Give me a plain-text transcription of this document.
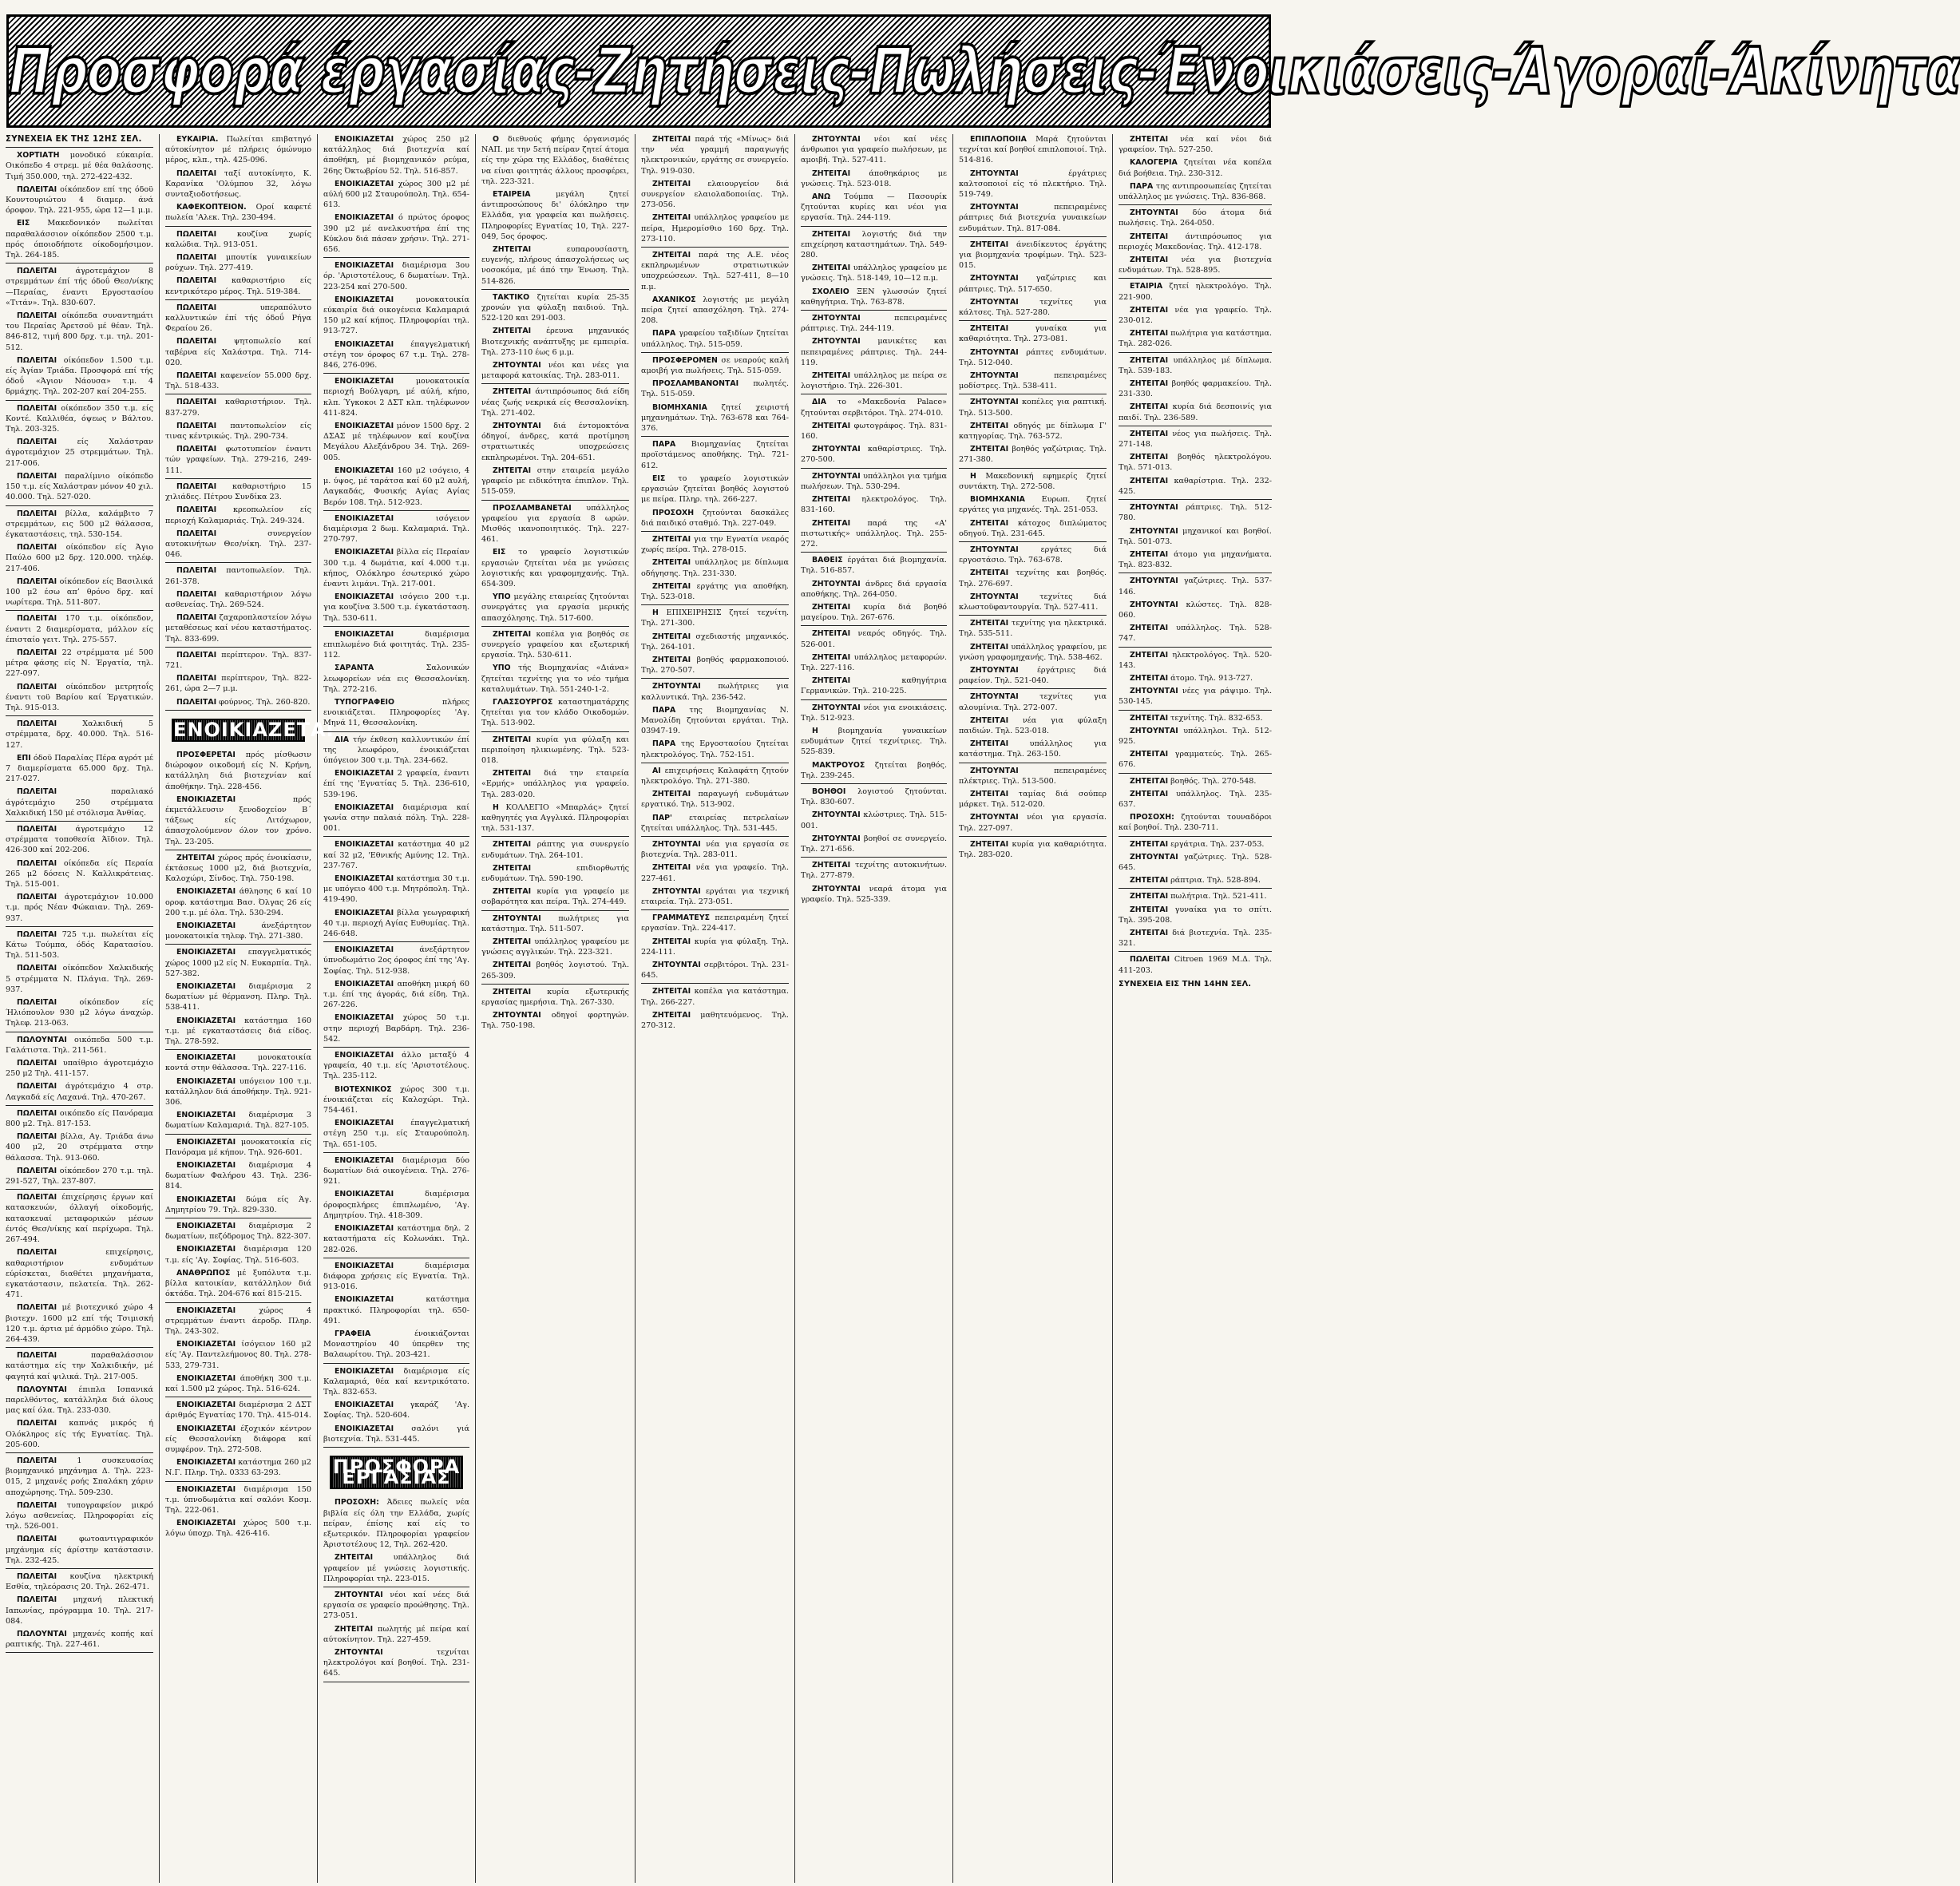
Προσφορά έργασίας-Ζητήσεις-Πωλήσεις-Ένοικιάσεις-Άγοραί-Άκίνητα
ΣΥΝΕΧΕΙΑ ΕΚ ΤΗΣ 12ΗΣ ΣΕΛ.
ΧΟΡΤΙΑΤΗ μονοδικό εύκαιρία. Οικόπεδο 4 στρεμ. μέ θέα θαλάσσης. Τιμή 350.000, τηλ. 272-422-432.
ΠΩΛΕΙΤΑΙ οίκόπεδον επί της όδοϋ Κουντουριώτου 4 διαμερ. άνά όροφον. Τηλ. 221-955, ώρα 12—1 μ.μ.
ΕΙΣ Μακεδονικόν πωλείται παραθαλάσσιον οίκόπεδον 2500 τ.μ. πρός όποιοδήποτε οίκοδομήσιμον. Τηλ. 264-185.
ΠΩΛΕΙΤΑΙ άγροτεμάχιον 8 στρεμμάτων έπί τής όδοΰ Θεσ/νίκης—Περαίας, έναντι Εργοστασίου «Τιτάν». Τηλ. 830-607.
ΠΩΛΕΙΤΑΙ οίκόπεδα συναντημάτι του Περαίας Άρετσοϋ μέ θέαν. Τηλ. 846-812, τιμή 800 δρχ. τ.μ. τηλ. 201-512.
ΠΩΛΕΙΤΑΙ οίκόπεδον 1.500 τ.μ. είς Άγίαν Τριάδα. Προσφορά επί τής όδοΰ «Άγιον Νάουσα» τ.μ. 4 δρμάχης. Τηλ. 202-207 καί 204-255.
ΠΩΛΕΙΤΑΙ οίκόπεδον 350 τ.μ. είς Κοντέ. Καλλιθέα, όψεως ν Βάλτου. Τηλ. 203-325.
ΠΩΛΕΙΤΑΙ είς Χαλάστραν άγροτεμάχιον 25 στρεμμάτων. Τηλ. 217-006.
ΠΩΛΕΙΤΑΙ παραλίμνιο οίκόπεδο 150 τ.μ. είς Χαλάστραν μόνον 40 χιλ. 40.000. Τηλ. 527-020.
ΠΩΛΕΙΤΑΙ βίλλα, καλάμβιτο 7 στρεμμάτων, εις 500 μ2 θάλασσα, έγκαταστάσεις, τηλ. 530-154.
ΠΩΛΕΙΤΑΙ οίκόπεδον είς Άγιο Παύλο 600 μ2 δρχ. 120.000. τηλέφ. 217-406.
ΠΩΛΕΙΤΑΙ οίκόπεδον είς Βασιλικά 100 μ2 έσω απ’ θρόνο δρχ. καί νωρίτερα. Τηλ. 511-807.
ΠΩΛΕΙΤΑΙ 170 τ.μ. οίκόπεδον, έναντι 2 διαμερίσματα, μάλλον είς έπισταίο γειτ. Τηλ. 275-557.
ΠΩΛΕΙΤΑΙ 22 στρέμματα μέ 500 μέτρα φάσης είς Ν. Έργατία, τηλ. 227-097.
ΠΩΛΕΙΤΑΙ οίκόπεδον μετρητοΐς έναντι τοϋ Βαρίου καί Έργατικών. Τηλ. 915-013.
ΠΩΛΕΙΤΑΙ Χαλκιδική 5 στρέμματα, δρχ. 40.000. Τηλ. 516-127.
ΕΠΙ όδοϋ Παραλίας Πέρα αγρότ μέ 7 διαμερίσματα 65.000 δρχ. Τηλ. 217-027.
ΠΩΛΕΙΤΑΙ παραλιακό άγρότεμάχιο 250 στρέμματα Χαλκιδική 150 μέ στόλισμα Άνθίας.
ΠΩΛΕΙΤΑΙ άγροτεμάχιο 12 στρέμματα τοποθεσία Άϊδιον. Τηλ. 426-300 καί 202-206.
ΠΩΛΕΙΤΑΙ οίκόπεδα είς Περαία 265 μ2 δόσεις Ν. Καλλικράτειας. Τηλ. 515-001.
ΠΩΛΕΙΤΑΙ άγροτεμάχιον 10.000 τ.μ. πρός Νέαν Φώκαιαν. Τηλ. 269-937.
ΠΩΛΕΙΤΑΙ 725 τ.μ. πωλείται είς Κάτω Τούμπα, όδός Καρατασίου. Τηλ. 511-503.
ΠΩΛΕΙΤΑΙ οίκόπεδον Χαλκιδικής 5 στρέμματα Ν. Πλάγια. Τηλ. 269-937.
ΠΩΛΕΙΤΑΙ οίκόπεδον είς Ήλιόπουλον 930 μ2 λόγω άναχώρ. Τηλεφ. 213-063.
ΠΩΛΟΥΝΤΑΙ οικόπεδα 500 τ.μ. Γαλάτιστα. Τηλ. 211-561.
ΠΩΛΕΙΤΑΙ υπαίθριο άγροτεμάχιο 250 μ2 Τηλ. 411-157.
ΠΩΛΕΙΤΑΙ άγρότεμάχιο 4 στρ. Λαγκαδά είς Λαχανά. Τηλ. 470-267.
ΠΩΛΕΙΤΑΙ οικόπεδο είς Πανόραμα 800 μ2. Τηλ. 817-153.
ΠΩΛΕΙΤΑΙ βίλλα, Αγ. Τριάδα άνω 400 μ2, 20 στρέμματα στην θάλασσα. Τηλ. 913-060.
ΠΩΛΕΙΤΑΙ οίκόπεδον 270 τ.μ. τηλ. 291-527, Τηλ. 237-807.
ΠΩΛΕΙΤΑΙ έπιχείρησις έργων καί κατασκευών, όλλαγή οίκοδομής, κατασκευαί μεταφορικών μέσων έντός Θεσ/νίκης καί περίχωρα. Τηλ. 267-494.
ΠΩΛΕΙΤΑΙ επιχείρησις, καθαριστήριον ενδυμάτων εύρίσκεται, διαθέτει μηχανήματα, εγκατάστασιν, πελατεία. Τηλ. 262-471.
ΠΩΛΕΙΤΑΙ μέ βιοτεχνικό χώρο 4 βιοτεχν. 1600 μ2 επί τής Τσιμισκή 120 τ.μ. άρτια μέ άρμόδιο χώρο. Τηλ. 264-439.
ΠΩΛΕΙΤΑΙ παραθαλάσσιον κατάστημα είς την Χαλκιδικήν, μέ φαγητά καί ψιλικά. Τηλ. 217-005.
ΠΩΛΟΥΝΤΑΙ έπιπλα Ισπανικά παρελθόντος, κατάλληλα διά όλους μας καί όλα. Τηλ. 233-030.
ΠΩΛΕΙΤΑΙ καπνάς μικρός ή Ολόκληρος είς τής Εγνατίας. Τηλ. 205-600.
ΠΩΛΕΙΤΑΙ 1 συσκευασίας βιομηχανικό μηχάνημα Δ. Τηλ. 223-015, 2 μηχανές ροής Σπαλάκη χάριν αποχώρησης. Τηλ. 509-230.
ΠΩΛΕΙΤΑΙ τυπογραφείον μικρό λόγω ασθενείας. Πληροφορίαι είς τηλ. 526-001.
ΠΩΛΕΙΤΑΙ φωτοαντιγραφικόν μηχάνημα είς άρίστην κατάστασιν. Τηλ. 232-425.
ΠΩΛΕΙΤΑΙ κουζίνα ηλεκτρική Εσθία, τηλεόρασις 20. Τηλ. 262-471.
ΠΩΛΕΙΤΑΙ μηχανή πλεκτική Ιαπωνίας, πρόγραμμα 10. Τηλ. 217-084.
ΠΩΛΟΥΝΤΑΙ μηχανές κοπής καί ραπτικής. Τηλ. 227-461.
ΕΥΚΑΙΡΙΑ. Πωλείται επιβατηγό αύτοκίνητον μέ πλήρεις όμώνυμο μέρος, κλπ., τηλ. 425-096.
ΠΩΛΕΙΤΑΙ ταξί αυτοκίνητο, Κ. Καρανίκα 'Ολύμπου 32, λόγω συνταξιοδοτήσεως.
ΚΑΦΕΚΟΠΤΕΙΟΝ. Οροί καφετέ πωλεία 'Αλεκ. Τηλ. 230-494.
ΠΩΛΕΙΤΑΙ κουζίνα χωρίς καλώδια. Τηλ. 913-051.
ΠΩΛΕΙΤΑΙ μπουτίκ γυναικείων ρούχων. Τηλ. 277-419.
ΠΩΛΕΙΤΑΙ καθαριστήριο είς κεντρικότερο μέρος. Τηλ. 519-384.
ΠΩΛΕΙΤΑΙ υπεραπόλυτο καλλυντικών έπί τής όδοΰ Ρήγα Φεραίου 26.
ΠΩΛΕΙΤΑΙ ψητοπωλείο καί ταβέρνα είς Χαλάστρα. Τηλ. 714-020.
ΠΩΛΕΙΤΑΙ καφενείον 55.000 δρχ. Τηλ. 518-433.
ΠΩΛΕΙΤΑΙ καθαριστήριον. Τηλ. 837-279.
ΠΩΛΕΙΤΑΙ παντοπωλείον είς τινας κέντρικώς. Τηλ. 290-734.
ΠΩΛΕΙΤΑΙ φωτοτυπείον έναντι τών γραφείων. Τηλ. 279-216, 249-111.
ΠΩΛΕΙΤΑΙ καθαριστήριο 15 χιλιάδες. Πέτρου Συνδίκα 23.
ΠΩΛΕΙΤΑΙ κρεοπωλείον είς περιοχή Καλαμαριάς. Τηλ. 249-324.
ΠΩΛΕΙΤΑΙ συνεργείον αυτοκινήτων Θεσ/νίκη. Τηλ. 237-046.
ΠΩΛΕΙΤΑΙ παντοπωλείον. Τηλ. 261-378.
ΠΩΛΕΙΤΑΙ καθαριστήριον λόγω ασθενείας. Τηλ. 269-524.
ΠΩΛΕΙΤΑΙ ζαχαροπλαστείον λόγω μεταθέσεως καί νέου καταστήματος. Τηλ. 833-699.
ΠΩΛΕΙΤΑΙ περίπτερον. Τηλ. 837-721.
ΠΩΛΕΙΤΑΙ περίπτερον, Τηλ. 822-261, ώρα 2—7 μ.μ.
ΠΩΛΕΙΤΑΙ φούρνος. Τηλ. 260-820.
ΕΝΟΙΚΙΑΖΕΤΑΙ
ΠΡΟΣΦΕΡΕΤΑΙ πρός μίσθωσιν διώροφον οικοδομή είς Ν. Κρήνη, κατάλληλη διά βιοτεχνίαν καί άποθήκην. Τηλ. 228-456.
ΕΝΟΙΚΙΑΖΕΤΑΙ πρός έκμετάλλευσιν ξενοδοχείον Β΄ τάξεως είς Λιτόχωρον, άπασχολούμενον όλον τον χρόνο. Τηλ. 23-205.
ΖΗΤΕΙΤΑΙ χώρος πρός ένοικίασιν, έκτάσεως 1000 μ2, διά βιοτεχνία, Καλοχώρι, Σίνδος. Τηλ. 750-198.
ΕΝΟΙΚΙΑΖΕΤΑΙ άθλησης 6 καί 10 οροφ. κατάστημα Βασ. Όλγας 26 είς 200 τ.μ. μέ όλα. Τηλ. 530-294.
ΕΝΟΙΚΙΑΖΕΤΑΙ άνεξάρτητον μονοκατοικία τηλεφ. Τηλ. 271-380.
ΕΝΟΙΚΙΑΖΕΤΑΙ επαγγελματικός χώρος 1000 μ2 είς Ν. Ευκαρπία. Τηλ. 527-382.
ΕΝΟΙΚΙΑΖΕΤΑΙ διαμέρισμα 2 δωματίων μέ θέρμανση. Πληρ. Τηλ. 538-411.
ΕΝΟΙΚΙΑΖΕΤΑΙ κατάστημα 160 τ.μ. μέ εγκαταστάσεις διά είδος. Τηλ. 278-592.
ΕΝΟΙΚΙΑΖΕΤΑΙ μονοκατοικία κοντά στην θάλασσα. Τηλ. 227-116.
ΕΝΟΙΚΙΑΖΕΤΑΙ υπόγειον 100 τ.μ. κατάλληλον διά άποθήκην. Τηλ. 921-306.
ΕΝΟΙΚΙΑΖΕΤΑΙ διαμέρισμα 3 δωματίων Καλαμαριά. Τηλ. 827-105.
ΕΝΟΙΚΙΑΖΕΤΑΙ μονοκατοικία είς Πανόραμα μέ κήπον. Τηλ. 926-601.
ΕΝΟΙΚΙΑΖΕΤΑΙ διαμέρισμα 4 δωματίων Φαλήρου 43. Τηλ. 236-814.
ΕΝΟΙΚΙΑΖΕΤΑΙ δώμα είς Άγ. Δημητρίου 79. Τηλ. 829-330.
ΕΝΟΙΚΙΑΖΕΤΑΙ διαμέρισμα 2 δωματίων, πεζόδρομος Τηλ. 822-307.
ΕΝΟΙΚΙΑΖΕΤΑΙ διαμέρισμα 120 τ.μ. είς 'Αγ. Σοφίας. Τηλ. 516-603.
ΑΝΑΘΡΩΠΟΣ μέ ξυπόλυτα τ.μ. βίλλα κατοικίαν, κατάλληλον διά όκτάδα. Τηλ. 204-676 καί 815-215.
ΕΝΟΙΚΙΑΖΕΤΑΙ χώρος 4 στρεμμάτων έναντι άεροδρ. Πληρ. Τηλ. 243-302.
ΕΝΟΙΚΙΑΖΕΤΑΙ ίσόγειον 160 μ2 είς 'Αγ. Παντελεήμονος 80. Τηλ. 278-533, 279-731.
ΕΝΟΙΚΙΑΖΕΤΑΙ άποθήκη 300 τ.μ. καί 1.500 μ2 χώρος. Τηλ. 516-624.
ΕΝΟΙΚΙΑΖΕΤΑΙ διαμέρισμα 2 ΔΣΤ άριθμός Εγνατίας 170. Τηλ. 415-014.
ΕΝΟΙΚΙΑΖΕΤΑΙ έξοχικόν κέντρον είς Θεσσαλονίκη διάφορα καί συμφέρον. Τηλ. 272-508.
ΕΝΟΙΚΙΑΖΕΤΑΙ κατάστημα 260 μ2 Ν.Γ. Πληρ. Τηλ. 0333 63-293.
ΕΝΟΙΚΙΑΖΕΤΑΙ διαμέρισμα 150 τ.μ. ύπνοδωμάτια καί σαλόνι Κοσμ. Τηλ. 222-061.
ΕΝΟΙΚΙΑΖΕΤΑΙ χώρος 500 τ.μ. λόγω ύποχρ. Τηλ. 426-416.
ΕΝΟΙΚΙΑΖΕΤΑΙ χώρος 250 μ2 κατάλληλος διά βιοτεχνία καί άποθήκη, μέ βιομηχανικόν ρεύμα, 26ης Όκτωβρίου 52. Τηλ. 516-857.
ΕΝΟΙΚΙΑΖΕΤΑΙ χώρος 300 μ2 μέ αύλή 600 μ2 Σταυρούπολη. Τηλ. 654-613.
ΕΝΟΙΚΙΑΖΕΤΑΙ ό πρώτος όροφος 390 μ2 μέ ανελκυστήρα έπί της Κύκλου διά πάσαν χρήσιν. Τηλ. 271-656.
ΕΝΟΙΚΙΑΖΕΤΑΙ διαμέρισμα 3ου όρ. 'Αριστοτέλους, 6 δωματίων. Τηλ. 223-254 καί 270-500.
ΕΝΟΙΚΙΑΖΕΤΑΙ μονοκατοικία εύκαιρία διά οικογένεια Καλαμαριά 150 μ2 καί κήπος. Πληροφορίαι τηλ. 913-727.
ΕΝΟΙΚΙΑΖΕΤΑΙ έπαγγελματική στέγη τον όροφος 67 τ.μ. Τηλ. 278-846, 276-096.
ΕΝΟΙΚΙΑΖΕΤΑΙ μονοκατοικία περιοχή Βούλγαρη, μέ αύλή, κήπο, κλπ. Ύγκοκοι 2 ΔΣΤ κλπ. τηλέφωνον 411-824.
ΕΝΟΙΚΙΑΖΕΤΑΙ μόνον 1500 δρχ. 2 ΔΣΑΣ μέ τηλέφωνον καί κουζίνα Μεγάλου Αλεξάνδρου 34. Τηλ. 269-005.
ΕΝΟΙΚΙΑΖΕΤΑΙ 160 μ2 ισόγειο, 4 μ. ύψος, μέ ταράτσα καί 60 μ2 αυλή, Λαγκαδάς, Φυσικής Αγίας Αγίας Βερόν 108. Τηλ. 512-923.
ΕΝΟΙΚΙΑΖΕΤΑΙ ισόγειον διαμέρισμα 2 δωμ. Καλαμαριά. Τηλ. 270-797.
ΕΝΟΙΚΙΑΖΕΤΑΙ βίλλα είς Περαίαν 300 τ.μ. 4 δωμάτια, καί 4.000 τ.μ. κήπος, Ολόκληρο έσωτερικό χώρο έναντι λιμάνι. Τηλ. 217-001.
ΕΝΟΙΚΙΑΖΕΤΑΙ ισόγειο 200 τ.μ. για κουζίνα 3.500 τ.μ. έγκατάσταση. Τηλ. 530-611.
ΕΝΟΙΚΙΑΖΕΤΑΙ διαμέρισμα επιπλωμένο διά φοιτητάς. Τηλ. 235-112.
ΣΑΡΑΝΤΑ Σαλονικών λεωφορείων νέα εις Θεσσαλονίκη. Τηλ. 272-216.
ΤΥΠΟΓΡΑΦΕΙΟ πλήρες ενοικιάζεται. Πληροφορίες 'Αγ. Μηνά 11, Θεσσαλονίκη.
ΔΙΑ τήν έκθεση καλλυντικών έπί της λεωφόρου, ένοικιάζεται ύπόγειον 300 τ.μ. Τηλ. 234-662.
ΕΝΟΙΚΙΑΖΕΤΑΙ 2 γραφεία, έναντι έπί της 'Εγνατίας 5. Τηλ. 236-610, 539-196.
ΕΝΟΙΚΙΑΖΕΤΑΙ διαμέρισμα καί γωνία στην παλαιά πόλη. Τηλ. 228-001.
ΕΝΟΙΚΙΑΖΕΤΑΙ κατάστημα 40 μ2 καί 32 μ2, 'Εθνικής Αμύνης 12. Τηλ. 237-767.
ΕΝΟΙΚΙΑΖΕΤΑΙ κατάστημα 30 τ.μ. με υπόγειο 400 τ.μ. Μητρόπολη. Τηλ. 419-490.
ΕΝΟΙΚΙΑΖΕΤΑΙ βίλλα γεωγραφική 40 τ.μ. περιοχή Αγίας Ευθυμίας. Τηλ. 246-648.
ΕΝΟΙΚΙΑΖΕΤΑΙ άνεξάρτητον ύπνοδωμάτιο 2ος όροφος έπί της 'Αγ. Σοφίας. Τηλ. 512-938.
ΕΝΟΙΚΙΑΖΕΤΑΙ αποθήκη μικρή 60 τ.μ. έπί της άγοράς, διά είδη. Τηλ. 267-226.
ΕΝΟΙΚΙΑΖΕΤΑΙ χώρος 50 τ.μ. στην περιοχή Βαρδάρη. Τηλ. 236-542.
ΕΝΟΙΚΙΑΖΕΤΑΙ άλλο μεταξύ 4 γραφεία, 40 τ.μ. είς 'Αριστοτέλους. Τηλ. 235-112.
ΒΙΟΤΕΧΝΙΚΟΣ χώρος 300 τ.μ. ένοικιάζεται είς Καλοχώρι. Τηλ. 754-461.
ΕΝΟΙΚΙΑΖΕΤΑΙ έπαγγελματική στέγη 250 τ.μ. είς Σταυρούπολη. Τηλ. 651-105.
ΕΝΟΙΚΙΑΖΕΤΑΙ διαμέρισμα δύο δωματίων διά οικογένεια. Τηλ. 276-921.
ΕΝΟΙΚΙΑΖΕΤΑΙ διαμέρισμα όροφοςπλήρες έπιπλωμένο, 'Αγ. Δημητρίου. Τηλ. 418-309.
ΕΝΟΙΚΙΑΖΕΤΑΙ κατάστημα δηλ. 2 καταστήματα είς Κολωνάκι. Τηλ. 282-026.
ΕΝΟΙΚΙΑΖΕΤΑΙ διαμέρισμα διάφορα χρήσεις είς Εγνατία. Τηλ. 913-016.
ΕΝΟΙΚΙΑΖΕΤΑΙ κατάστημα πρακτικό. Πληροφορίαι τηλ. 650-491.
ΓΡΑΦΕΙΑ ένοικιάζονται Μοναστηρίου 40 ύπερθεν της Βαλαωρίτου. Τηλ. 203-421.
ΕΝΟΙΚΙΑΖΕΤΑΙ διαμέρισμα είς Καλαμαριά, θέα καί κεντρικότατο. Τηλ. 832-653.
ΕΝΟΙΚΙΑΖΕΤΑΙ γκαράζ 'Αγ. Σοφίας. Τηλ. 520-604.
ΕΝΟΙΚΙΑΖΕΤΑΙ σαλόνι γιά βιοτεχνία. Τηλ. 531-445.
ΠΡΟΣΦΟΡΑ ΕΡΓΑΣΙΑΣ
ΠΡΟΣΟΧΗ: Άδειες πωλείς νέα βιβλία είς όλη την Ελλάδα, χωρίς πείραν, έπίσης καί είς το εξωτερικόν. Πληροφορίαι γραφείον Άριστοτέλους 12, Τηλ. 262-420.
ΖΗΤΕΙΤΑΙ υπάλληλος διά γραφείον μέ γνώσεις λογιστικής. Πληροφορίαι τηλ. 223-015.
ΖΗΤΟΥΝΤΑΙ νέοι καί νέες διά εργασία σε γραφείο προώθησης. Τηλ. 273-051.
ΖΗΤΕΙΤΑΙ πωλητής μέ πείρα καί αύτοκίνητον. Τηλ. 227-459.
ΖΗΤΟΥΝΤΑΙ τεχνίται ηλεκτρολόγοι καί βοηθοί. Τηλ. 231-645.
Ο διεθνούς φήμης όργανισμός ΝΑΠ. με την 5ετή πείραν ζητεί άτομα είς την χώρα της Ελλάδος, διαθέτεις να είναι φοιτητάς άλλους προσφέρει, τηλ. 223-321.
ΕΤΑΙΡΕΙΑ μεγάλη ζητεί άντιπροσώπους δι' όλόκληρο την Ελλάδα, για γραφεία και πωλήσεις. Πληροφορίες Εγνατίας 10, Τηλ. 227-049, 5ος όροφος.
ΖΗΤΕΙΤΑΙ ευπαρουσίαστη, ευγενής, πλήρους άπασχολήσεως ως νοσοκόμα, μέ άπό την Ένωση. Τηλ. 514-826.
ΤΑΚΤΙΚΟ ζητείται κυρία 25-35 χρονών για φύλαξη παιδιού. Τηλ. 522-120 και 291-003.
ΖΗΤΕΙΤΑΙ έρευνα μηχανικός Βιοτεχνικής ανάπτυξης με εμπειρία. Τηλ. 273-110 έως 6 μ.μ.
ΖΗΤΟΥΝΤΑΙ νέοι και νέες για μεταφορά κατοικίας. Τηλ. 283-011.
ΖΗΤΕΙΤΑΙ άντιπρόσωπος διά είδη νέας ζωής νεκρικά είς Θεσσαλονίκη. Τηλ. 271-402.
ΖΗΤΟΥΝΤΑΙ διά έντομοκτόνα όδηγοί, άνδρες, κατά προτίμηση στρατιωτικές υποχρεώσεις εκπληρωμένοι. Τηλ. 204-651.
ΖΗΤΕΙΤΑΙ στην εταιρεία μεγάλο γραφείο με ειδικότητα έπιπλον. Τηλ. 515-059.
ΠΡΟΣΛΑΜΒΑΝΕΤΑΙ υπάλληλος γραφείου για εργασία 8 ωρών. Μισθός ικανοποιητικός. Τηλ. 227-461.
ΕΙΣ το γραφείο λογιστικών εργασιών ζητείται νέα με γνώσεις λογιστικής και γραφομηχανής. Τηλ. 654-309.
ΥΠΟ μεγάλης εταιρείας ζητούνται συνεργάτες για εργασία μερικής απασχόλησης. Τηλ. 517-600.
ΖΗΤΕΙΤΑΙ κοπέλα για βοηθός σε συνεργείο γραφείου και εξωτερική εργασία. Τηλ. 530-611.
ΥΠΟ τής Βιομηχανίας «Διάνα» ζητείται τεχνίτης για το νέο τμήμα καταλυμάτων. Τηλ. 551-240-1-2.
ΓΛΑΣΣΟΥΡΓΟΣ καταστηματάρχης ζητείται για τον κλάδο Οικοδομών. Τηλ. 513-902.
ΖΗΤΕΙΤΑΙ κυρία για φύλαξη και περιποίηση ηλικιωμένης. Τηλ. 523-018.
ΖΗΤΕΙΤΑΙ διά την εταιρεία «Ερμής» υπάλληλος για γραφείο. Τηλ. 283-020.
Η ΚΟΛΛΕΓΙΟ «Μπαρλάς» ζητεί καθηγητές για Αγγλικά. Πληροφορίαι τηλ. 531-137.
ΖΗΤΕΙΤΑΙ ράπτης για συνεργείο ενδυμάτων. Τηλ. 264-101.
ΖΗΤΕΙΤΑΙ επιδιορθωτής ενδυμάτων. Τηλ. 590-190.
ΖΗΤΕΙΤΑΙ κυρία για γραφείο με σοβαρότητα και πείρα. Τηλ. 274-449.
ΖΗΤΟΥΝΤΑΙ πωλήτριες για κατάστημα. Τηλ. 511-507.
ΖΗΤΕΙΤΑΙ υπάλληλος γραφείου με γνώσεις αγγλικών. Τηλ. 223-321.
ΖΗΤΕΙΤΑΙ βοηθός λογιστού. Τηλ. 265-309.
ΖΗΤΕΙΤΑΙ κυρία εξωτερικής εργασίας ημερήσια. Τηλ. 267-330.
ΖΗΤΟΥΝΤΑΙ οδηγοί φορτηγών. Τηλ. 750-198.
ΖΗΤΕΙΤΑΙ παρά τής «Μίνως» διά την νέα γραμμή παραγωγής ηλεκτρονικών, εργάτης σε συνεργείο. Τηλ. 919-030.
ΖΗΤΕΙΤΑΙ ελαιουργείον διά συνεργείον ελαιολαδοποιίας. Τηλ. 273-056.
ΖΗΤΕΙΤΑΙ υπάλληλος γραφείου με πείρα, Ημερομίσθιο 160 δρχ. Τηλ. 273-110.
ΖΗΤΕΙΤΑΙ παρά της Α.Ε. νέος εκπληρωμένων στρατιωτικών υποχρεώσεων. Τηλ. 527-411, 8—10 π.μ.
ΑΧΑΝΙΚΟΣ λογιστής με μεγάλη πείρα ζητεί απασχόληση. Τηλ. 274-208.
ΠΑΡΑ γραφείου ταξιδίων ζητείται υπάλληλος. Τηλ. 515-059.
ΠΡΟΣΦΕΡΟΜΕΝ σε νεαρούς καλή αμοιβή για πωλήσεις. Τηλ. 515-059.
ΠΡΟΣΛΑΜΒΑΝΟΝΤΑΙ πωλητές. Τηλ. 515-059.
ΒΙΟΜΗΧΑΝΙΑ ζητεί χειριστή μηχανημάτων. Τηλ. 763-678 και 764-376.
ΠΑΡΑ Βιομηχανίας ζητείται προϊστάμενος αποθήκης. Τηλ. 721-612.
ΕΙΣ το γραφείο λογιστικών εργασιών ζητείται βοηθός λογιστού με πείρα. Πληρ. τηλ. 266-227.
ΠΡΟΣΟΧΗ ζητούνται δασκάλες διά παιδικό σταθμό. Τηλ. 227-049.
ΖΗΤΕΙΤΑΙ για την Εγνατία νεαρός χωρίς πείρα. Τηλ. 278-015.
ΖΗΤΕΙΤΑΙ υπάλληλος με δίπλωμα οδήγησης. Τηλ. 231-330.
ΖΗΤΕΙΤΑΙ εργάτης για αποθήκη. Τηλ. 523-018.
Η ΕΠΙΧΕΙΡΗΣΙΣ ζητεί τεχνίτη. Τηλ. 271-300.
ΖΗΤΕΙΤΑΙ σχεδιαστής μηχανικός. Τηλ. 264-101.
ΖΗΤΕΙΤΑΙ βοηθός φαρμακοποιού. Τηλ. 270-507.
ΖΗΤΟΥΝΤΑΙ πωλήτριες για καλλυντικά. Τηλ. 236-542.
ΠΑΡΑ της Βιομηχανίας Ν. Μανολίδη ζητούνται εργάται. Τηλ. 03947-19.
ΠΑΡΑ της Εργοστασίου ζητείται ηλεκτρολόγος. Τηλ. 752-151.
ΑΙ επιχειρήσεις Καλαφάτη ζητούν ηλεκτρολόγο. Τηλ. 271-380.
ΖΗΤΕΙΤΑΙ παραγωγή ενδυμάτων εργατικό. Τηλ. 513-902.
ΠΑΡ' εταιρείας πετρελαίων ζητείται υπάλληλος. Τηλ. 531-445.
ΖΗΤΟΥΝΤΑΙ νέα για εργασία σε βιοτεχνία. Τηλ. 283-011.
ΖΗΤΕΙΤΑΙ νέα για γραφείο. Τηλ. 227-461.
ΖΗΤΟΥΝΤΑΙ εργάται για τεχνική εταιρεία. Τηλ. 273-051.
ΓΡΑΜΜΑΤΕΥΣ πεπειραμένη ζητεί εργασίαν. Τηλ. 224-417.
ΖΗΤΕΙΤΑΙ κυρία για φύλαξη. Τηλ. 224-111.
ΖΗΤΟΥΝΤΑΙ σερβιτόροι. Τηλ. 231-645.
ΖΗΤΕΙΤΑΙ κοπέλα για κατάστημα. Τηλ. 266-227.
ΖΗΤΕΙΤΑΙ μαθητευόμενος. Τηλ. 270-312.
ΖΗΤΟΥΝΤΑΙ νέοι καί νέες άνθρωποι για γραφείο πωλήσεων, με αμοιβή. Τηλ. 527-411.
ΖΗΤΕΙΤΑΙ άποθηκάριος με γνώσεις. Τηλ. 523-018.
ΑΝΩ Τούμπα — Πασουρίκ ζητούνται κυρίες και νέοι για εργασία. Τηλ. 244-119.
ΖΗΤΕΙΤΑΙ λογιστής διά την επιχείρηση καταστημάτων. Τηλ. 549-280.
ΖΗΤΕΙΤΑΙ υπάλληλος γραφείου με γνώσεις. Τηλ. 518-149, 10—12 π.μ.
ΣΧΟΛΕΙΟ ΞΕΝ γλωσσών ζητεί καθηγήτρια. Τηλ. 763-878.
ΖΗΤΟΥΝΤΑΙ πεπειραμένες ράπτριες. Τηλ. 244-119.
ΖΗΤΟΥΝΤΑΙ μανικέτες και πεπειραμένες ράπτριες. Τηλ. 244-119.
ΖΗΤΕΙΤΑΙ υπάλληλος με πείρα σε λογιστήριο. Τηλ. 226-301.
ΔΙΑ το «Μακεδονία Palace» ζητούνται σερβιτόροι. Τηλ. 274-010.
ΖΗΤΕΙΤΑΙ φωτογράφος. Τηλ. 831-160.
ΖΗΤΟΥΝΤΑΙ καθαρίστριες. Τηλ. 270-500.
ΖΗΤΟΥΝΤΑΙ υπάλληλοι για τμήμα πωλήσεων. Τηλ. 530-294.
ΖΗΤΕΙΤΑΙ ηλεκτρολόγος. Τηλ. 831-160.
ΖΗΤΕΙΤΑΙ παρά της «Α' πιστωτικής» υπάλληλος. Τηλ. 255-272.
ΒΑΘΕΙΣ έργάται διά βιομηχανία. Τηλ. 516-857.
ΖΗΤΟΥΝΤΑΙ άνδρες διά εργασία αποθήκης. Τηλ. 264-050.
ΖΗΤΕΙΤΑΙ κυρία διά βοηθό μαγείρου. Τηλ. 267-676.
ΖΗΤΕΙΤΑΙ νεαρός οδηγός. Τηλ. 526-001.
ΖΗΤΕΙΤΑΙ υπάλληλος μεταφορών. Τηλ. 227-116.
ΖΗΤΕΙΤΑΙ καθηγήτρια Γερμανικών. Τηλ. 210-225.
ΖΗΤΟΥΝΤΑΙ νέοι για ενοικιάσεις. Τηλ. 512-923.
Η βιομηχανία γυναικείων ενδυμάτων ζητεί τεχνίτριες. Τηλ. 525-839.
ΜΑΚΤΡΟΥΟΣ ζητείται βοηθός. Τηλ. 239-245.
ΒΟΗΘΟΙ λογιστού ζητούνται. Τηλ. 830-607.
ΖΗΤΟΥΝΤΑΙ κλώστριες. Τηλ. 515-001.
ΖΗΤΟΥΝΤΑΙ βοηθοί σε συνεργείο. Τηλ. 271-656.
ΖΗΤΕΙΤΑΙ τεχνίτης αυτοκινήτων. Τηλ. 277-879.
ΖΗΤΟΥΝΤΑΙ νεαρά άτομα για γραφείο. Τηλ. 525-339.
ΕΠΙΠΛΟΠΟΙΙΑ Μαρά ζητούνται τεχνίται καί βοηθοί επιπλοποιοί. Τηλ. 514-816.
ΖΗΤΟΥΝΤΑΙ έργάτριες καλτσοποιοί είς τό πλεκτήριο. Τηλ. 519-749.
ΖΗΤΟΥΝΤΑΙ πεπειραμένες ράπτριες διά βιοτεχνία γυναικείων ενδυμάτων. Τηλ. 817-084.
ΖΗΤΕΙΤΑΙ άνειδίκευτος έργάτης για βιομηχανία τροφίμων. Τηλ. 523-015.
ΖΗΤΟΥΝΤΑΙ γαζώτριες και ράπτριες. Τηλ. 517-650.
ΖΗΤΟΥΝΤΑΙ τεχνίτες για κάλτσες. Τηλ. 527-280.
ΖΗΤΕΙΤΑΙ γυναίκα για καθαριότητα. Τηλ. 273-081.
ΖΗΤΟΥΝΤΑΙ ράπτες ενδυμάτων. Τηλ. 512-040.
ΖΗΤΟΥΝΤΑΙ πεπειραμένες μοδίστρες. Τηλ. 538-411.
ΖΗΤΟΥΝΤΑΙ κοπέλες για ραπτική. Τηλ. 513-500.
ΖΗΤΕΙΤΑΙ οδηγός με δίπλωμα Γ' κατηγορίας. Τηλ. 763-572.
ΖΗΤΕΙΤΑΙ βοηθός γαζώτριας. Τηλ. 271-380.
Η Μακεδονική εφημερίς ζητεί συντάκτη. Τηλ. 272-508.
ΒΙΟΜΗΧΑΝΙΑ Ευρωπ. ζητεί εργάτες για μηχανές. Τηλ. 251-053.
ΖΗΤΕΙΤΑΙ κάτοχος διπλώματος οδηγού. Τηλ. 231-645.
ΖΗΤΟΥΝΤΑΙ εργάτες διά εργοστάσιο. Τηλ. 763-678.
ΖΗΤΕΙΤΑΙ τεχνίτης και βοηθός. Τηλ. 276-697.
ΖΗΤΟΥΝΤΑΙ τεχνίτες διά κλωστοϋφαντουργία. Τηλ. 527-411.
ΖΗΤΕΙΤΑΙ τεχνίτης για ηλεκτρικά. Τηλ. 535-511.
ΖΗΤΕΙΤΑΙ υπάλληλος γραφείου, με γνώση γραφομηχανής. Τηλ. 538-462.
ΖΗΤΟΥΝΤΑΙ έργάτριες διά ραφείον. Τηλ. 521-040.
ΖΗΤΟΥΝΤΑΙ τεχνίτες για αλουμίνια. Τηλ. 272-007.
ΖΗΤΕΙΤΑΙ νέα για φύλαξη παιδιών. Τηλ. 523-018.
ΖΗΤΕΙΤΑΙ υπάλληλος για κατάστημα. Τηλ. 263-150.
ΖΗΤΟΥΝΤΑΙ πεπειραμένες πλέκτριες. Τηλ. 513-500.
ΖΗΤΕΙΤΑΙ ταμίας διά σούπερ μάρκετ. Τηλ. 512-020.
ΖΗΤΟΥΝΤΑΙ νέοι για εργασία. Τηλ. 227-097.
ΖΗΤΕΙΤΑΙ κυρία για καθαριότητα. Τηλ. 283-020.
ΖΗΤΕΙΤΑΙ νέα καί νέοι διά γραφείον. Τηλ. 527-250.
ΚΑΛΟΓΕΡΙΑ ζητείται νέα κοπέλα διά βοήθεια. Τηλ. 230-312.
ΠΑΡΑ της αντιπροσωπείας ζητείται υπάλληλος με γνώσεις. Τηλ. 836-868.
ΖΗΤΟΥΝΤΑΙ δύο άτομα διά πωλήσεις. Τηλ. 264-050.
ΖΗΤΕΙΤΑΙ άντιπρόσωπος για περιοχές Μακεδονίας. Τηλ. 412-178.
ΖΗΤΕΙΤΑΙ νέα για βιοτεχνία ενδυμάτων. Τηλ. 528-895.
ΕΤΑΙΡΙΑ ζητεί ηλεκτρολόγο. Τηλ. 221-900.
ΖΗΤΕΙΤΑΙ νέα για γραφείο. Τηλ. 230-012.
ΖΗΤΕΙΤΑΙ πωλήτρια για κατάστημα. Τηλ. 282-026.
ΖΗΤΕΙΤΑΙ υπάλληλος μέ δίπλωμα. Τηλ. 539-183.
ΖΗΤΕΙΤΑΙ βοηθός φαρμακείου. Τηλ. 231-330.
ΖΗΤΕΙΤΑΙ κυρία διά δεσποινίς για παιδί. Τηλ. 236-589.
ΖΗΤΕΙΤΑΙ νέος για πωλήσεις. Τηλ. 271-148.
ΖΗΤΕΙΤΑΙ βοηθός ηλεκτρολόγου. Τηλ. 571-013.
ΖΗΤΕΙΤΑΙ καθαρίστρια. Τηλ. 232-425.
ΖΗΤΟΥΝΤΑΙ ράπτριες. Τηλ. 512-780.
ΖΗΤΟΥΝΤΑΙ μηχανικοί και βοηθοί. Τηλ. 501-073.
ΖΗΤΕΙΤΑΙ άτομο για μηχανήματα. Τηλ. 823-832.
ΖΗΤΟΥΝΤΑΙ γαζώτριες. Τηλ. 537-146.
ΖΗΤΟΥΝΤΑΙ κλώστες. Τηλ. 828-060.
ΖΗΤΕΙΤΑΙ υπάλληλος. Τηλ. 528-747.
ΖΗΤΕΙΤΑΙ ηλεκτρολόγος. Τηλ. 520-143.
ΖΗΤΕΙΤΑΙ άτομο. Τηλ. 913-727.
ΖΗΤΟΥΝΤΑΙ νέες για ράψιμο. Τηλ. 530-145.
ΖΗΤΕΙΤΑΙ τεχνίτης. Τηλ. 832-653.
ΖΗΤΟΥΝΤΑΙ υπάλληλοι. Τηλ. 512-925.
ΖΗΤΕΙΤΑΙ γραμματεύς. Τηλ. 265-676.
ΖΗΤΕΙΤΑΙ βοηθός. Τηλ. 270-548.
ΖΗΤΕΙΤΑΙ υπάλληλος. Τηλ. 235-637.
ΠΡΟΣΟΧΗ: ζητούνται τουναδόροι καί βοηθοί. Τηλ. 230-711.
ΖΗΤΕΙΤΑΙ εργάτρια. Τηλ. 237-053.
ΖΗΤΟΥΝΤΑΙ γαζώτριες. Τηλ. 528-645.
ΖΗΤΕΙΤΑΙ ράπτρια. Τηλ. 528-894.
ΖΗΤΕΙΤΑΙ πωλήτρια. Τηλ. 521-411.
ΖΗΤΕΙΤΑΙ γυναίκα για το σπίτι. Τηλ. 395-208.
ΖΗΤΕΙΤΑΙ διά βιοτεχνία. Τηλ. 235-321.
ΠΩΛΕΙΤΑΙ Citroen 1969 Μ.Δ. Τηλ. 411-203.
ΣΥΝΕΧΕΙΑ ΕΙΣ ΤΗΝ 14ΗΝ ΣΕΛ.
